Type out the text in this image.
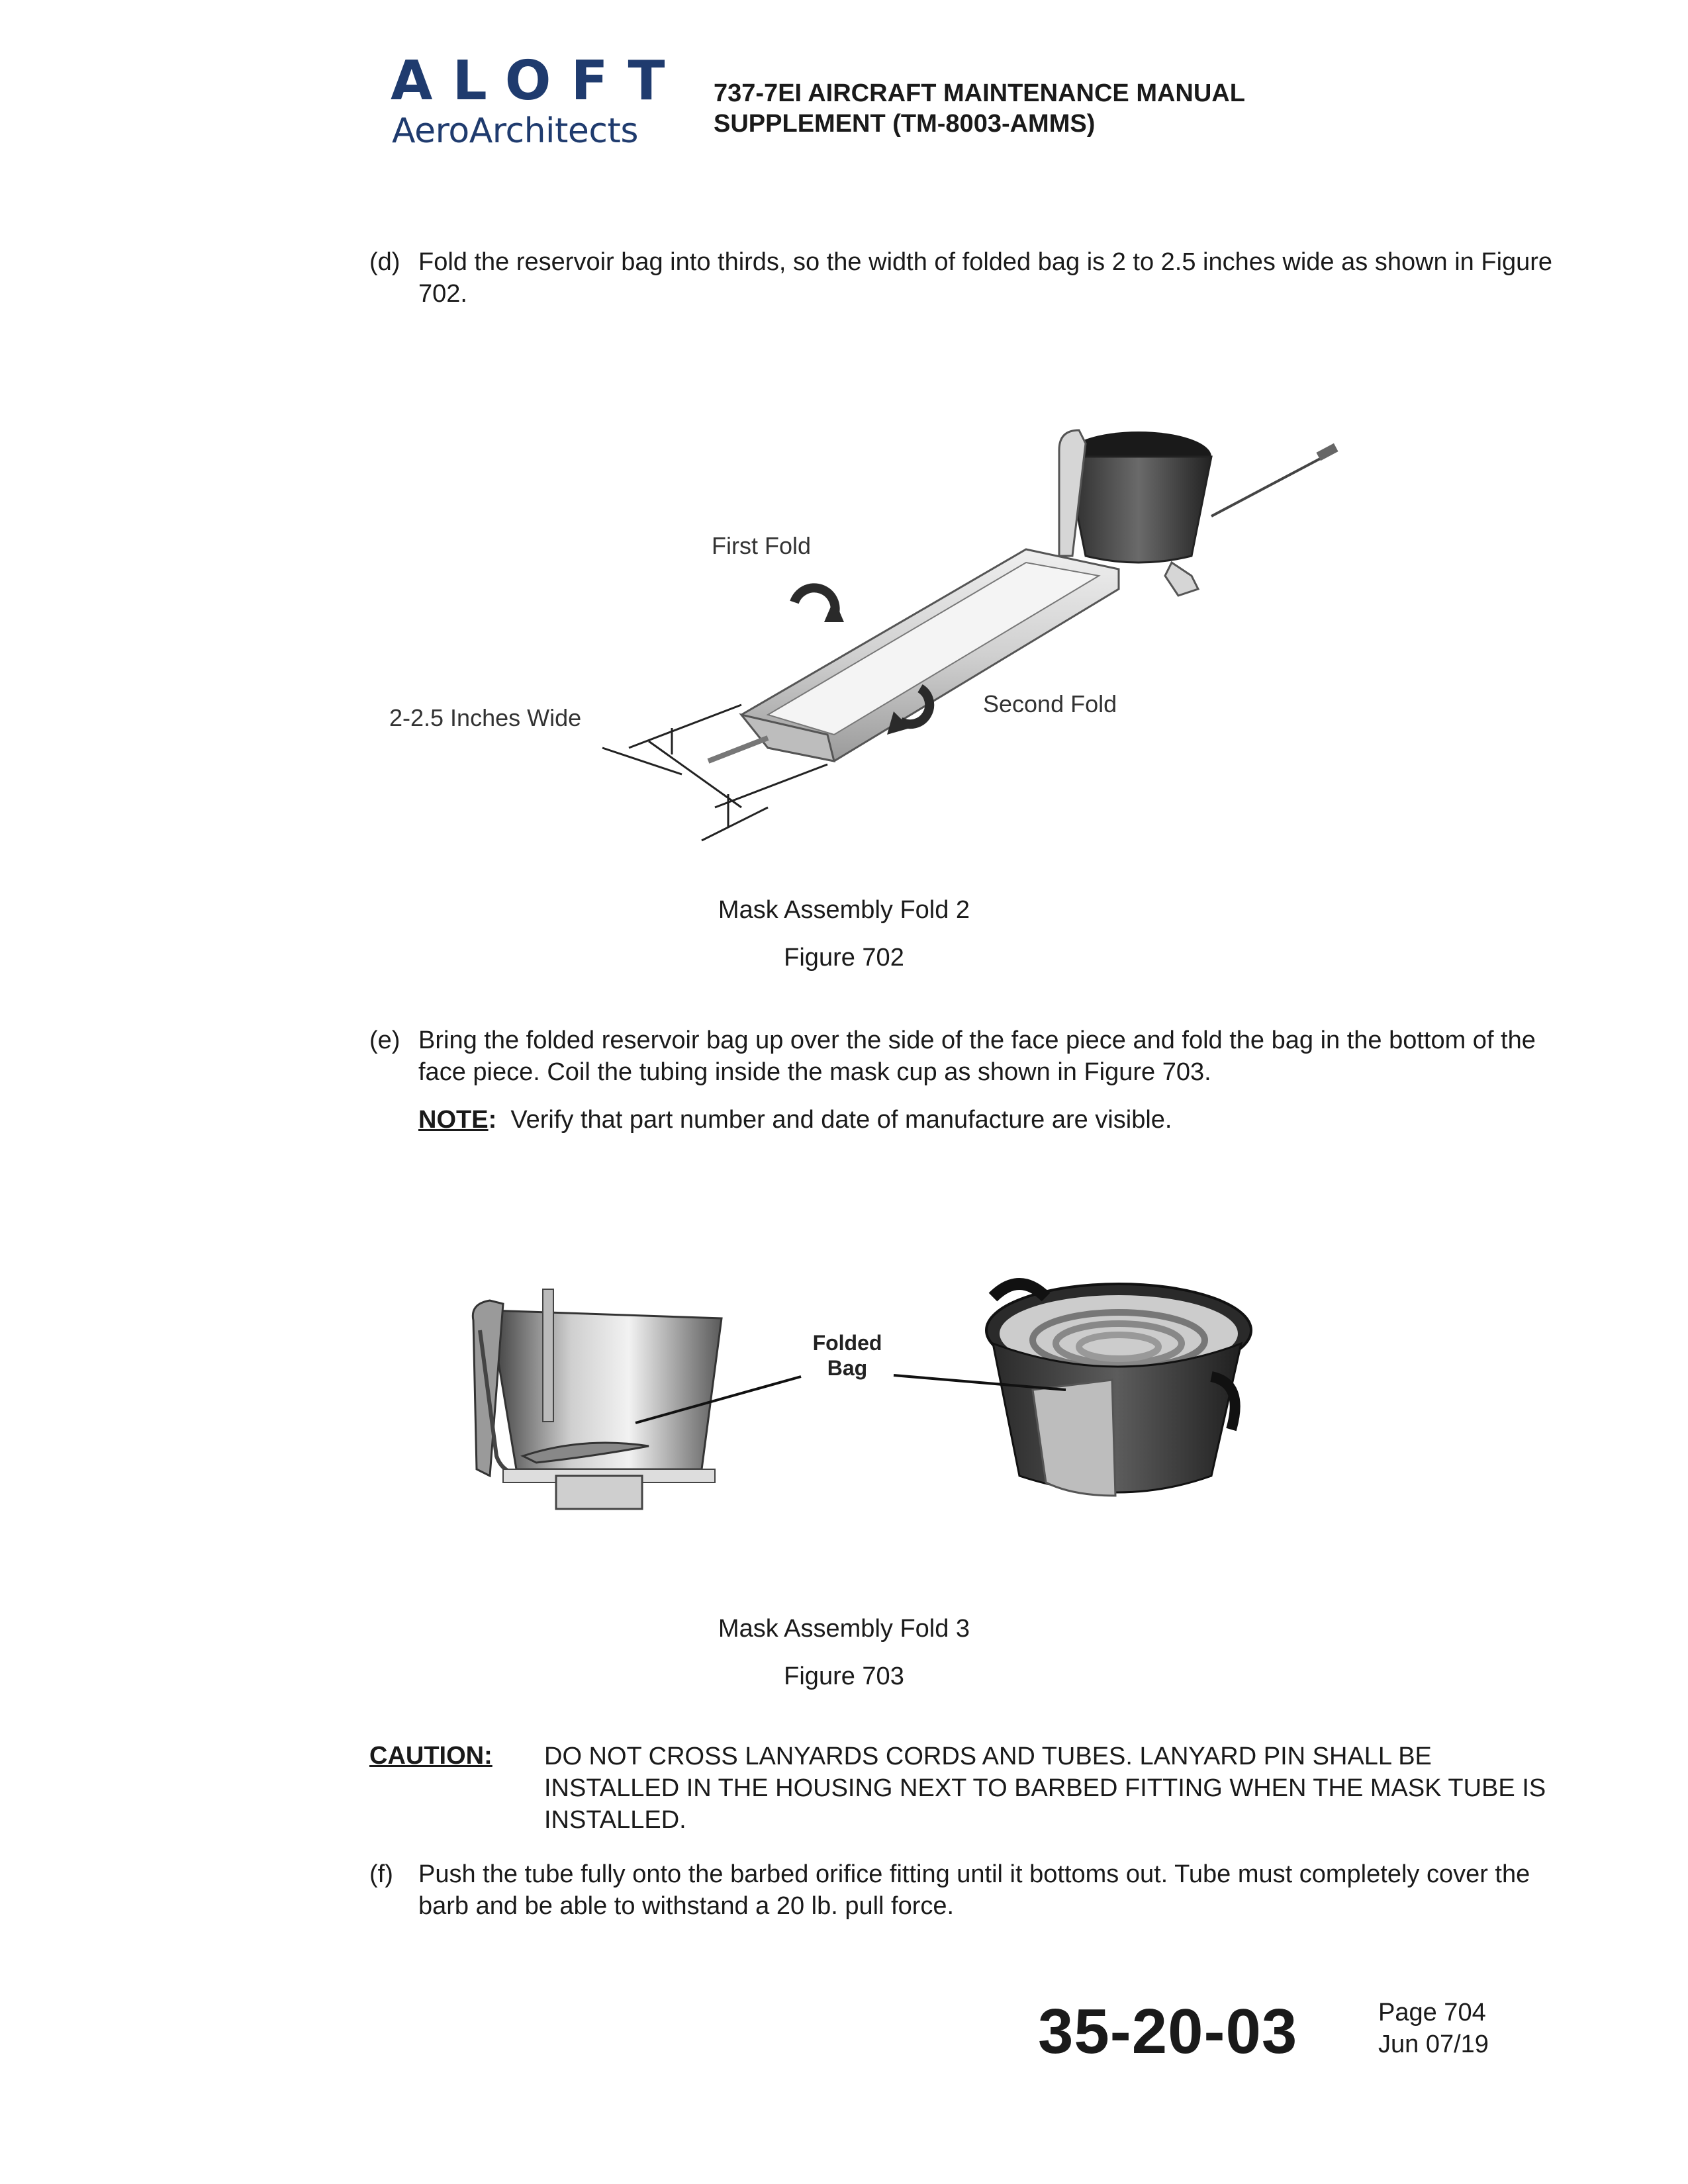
ALOFT
AeroArchitects
737-7EI AIRCRAFT MAINTENANCE MANUAL
SUPPLEMENT (TM-8003-AMMS)
(d) Fold the reservoir bag into thirds, so the width of folded bag is 2 to 2.5 inches wide as shown in Figure 702.
2-2.5 Inches Wide
First Fold
Second Fold
Mask Assembly Fold 2
Figure 702
(e) Bring the folded reservoir bag up over the side of the face piece and fold the bag in the bottom of the face piece. Coil the tubing inside the mask cup as shown in Figure 703.
NOTE: Verify that part number and date of manufacture are visible.
Folded
Bag
Mask Assembly Fold 3
Figure 703
CAUTION: DO NOT CROSS LANYARDS CORDS AND TUBES. LANYARD PIN SHALL BE INSTALLED IN THE HOUSING NEXT TO BARBED FITTING WHEN THE MASK TUBE IS INSTALLED.
(f) Push the tube fully onto the barbed orifice fitting until it bottoms out. Tube must completely cover the barb and be able to withstand a 20 lb. pull force.
35-20-03	Page 704
Jun 07/19
